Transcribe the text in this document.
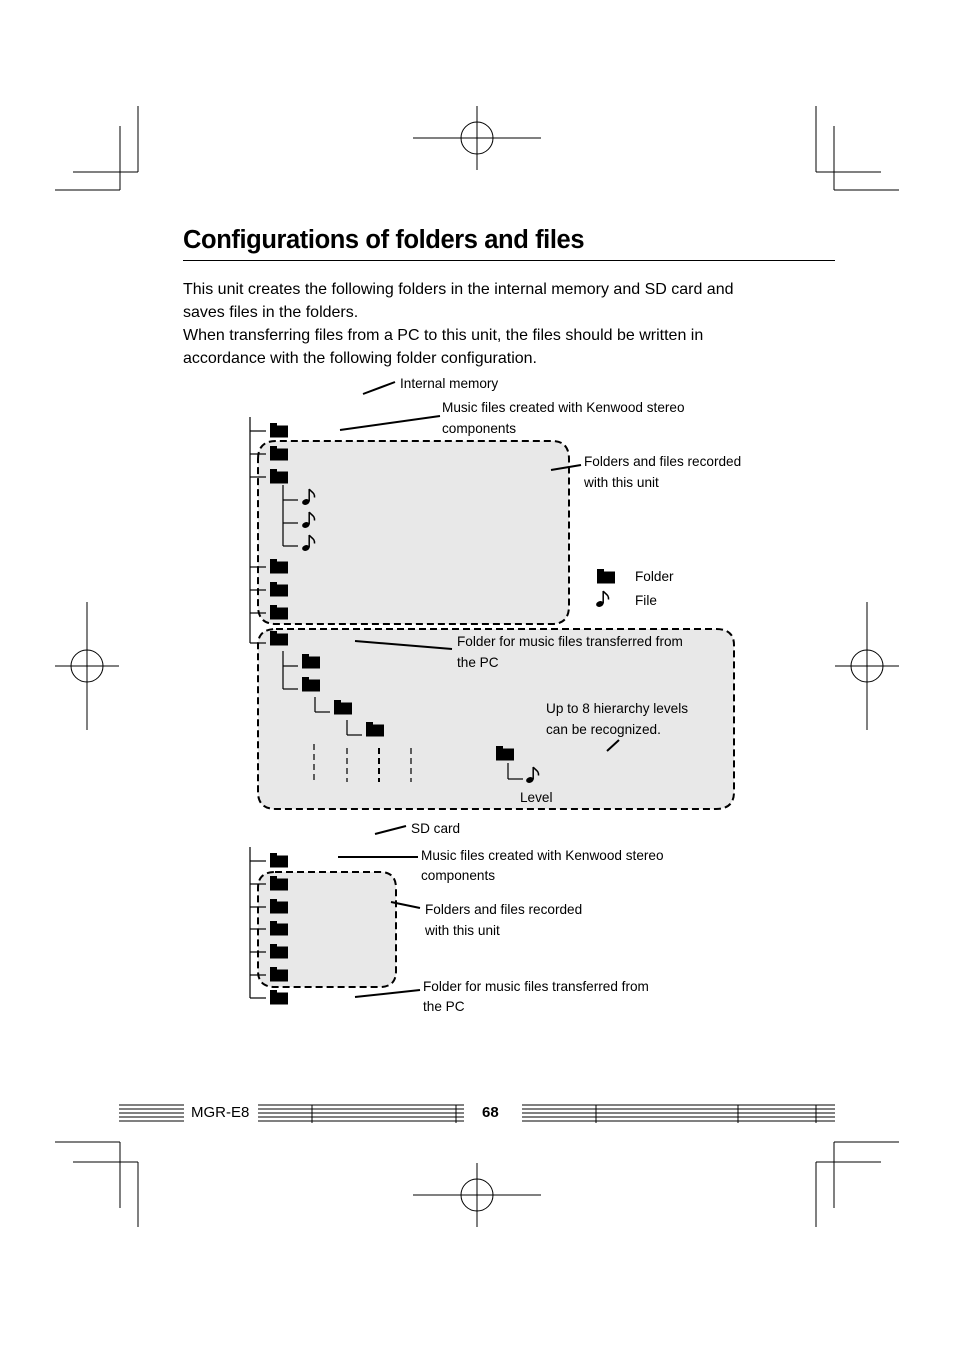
Configurations of folders and files

This unit creates the following folders in the internal memory and SD card and saves files in the folders.

When transferring files from a PC to this unit, the files should be written in accordance with the following folder configuration.

Internal memory
Music files created with Kenwood stereo
components
Folders and files recorded
with this unit
Folder for music files transferred from
the PC
Up to 8 hierarchy levels
can be recognized.
Level
Folder
File
SD card
Music files created with Kenwood stereo
components
Folders and files recorded
with this unit
Folder for music files transferred from
the PC
MGR-E8	68
